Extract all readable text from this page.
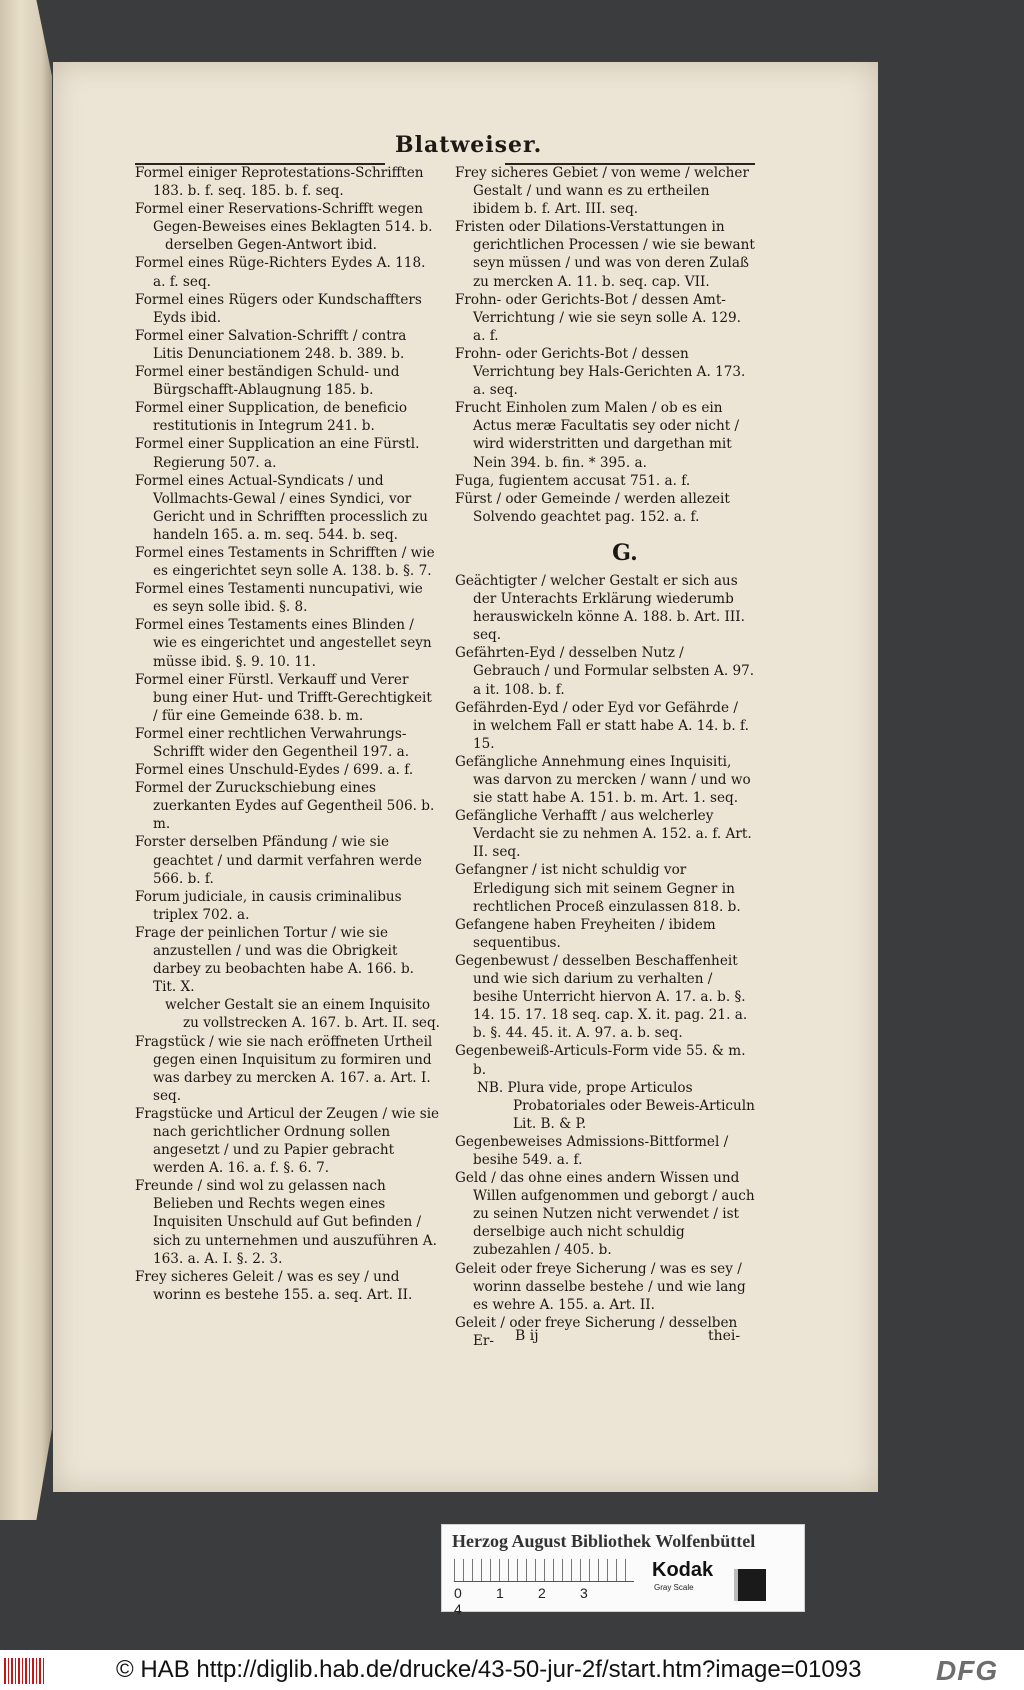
Blatweiser.

Formel einiger Reprotestations-Schrifften 183. b. f. seq. 185. b. f. seq.

Formel einer Reservations-Schrifft wegen Gegen-Beweises eines Beklagten 514. b.

derselben Gegen-Antwort ibid.

Formel eines Rüge-Richters Eydes A. 118. a. f. seq.

Formel eines Rügers oder Kundschaffters Eyds ibid.

Formel einer Salvation-Schrifft / contra Litis Denunciationem 248. b. 389. b.

Formel einer beständigen Schuld- und Bürgschafft-Ablaugnung 185. b.

Formel einer Supplication, de beneficio restitutionis in Integrum 241. b.

Formel einer Supplication an eine Fürstl. Regierung 507. a.

Formel eines Actual-Syndicats / und Vollmachts-Gewal / eines Syndici, vor Gericht und in Schrifften processlich zu handeln 165. a. m. seq. 544. b. seq.

Formel eines Testaments in Schrifften / wie es eingerichtet seyn solle A. 138. b. §. 7.

Formel eines Testamenti nuncupativi, wie es seyn solle ibid. §. 8.

Formel eines Testaments eines Blinden / wie es eingerichtet und angestellet seyn müsse ibid. §. 9. 10. 11.

Formel einer Fürstl. Verkauff und Verer bung einer Hut- und Trifft-Gerechtigkeit / für eine Gemeinde 638. b. m.

Formel einer rechtlichen Verwahrungs-Schrifft wider den Gegentheil 197. a.

Formel eines Unschuld-Eydes / 699. a. f.

Formel der Zuruckschiebung eines zuerkanten Eydes auf Gegentheil 506. b. m.

Forster derselben Pfändung / wie sie geachtet / und darmit verfahren werde 566. b. f.

Forum judiciale, in causis criminalibus triplex 702. a.

Frage der peinlichen Tortur / wie sie anzustellen / und was die Obrigkeit darbey zu beobachten habe A. 166. b. Tit. X.

welcher Gestalt sie an einem Inquisito zu vollstrecken A. 167. b. Art. II. seq.

Fragstück / wie sie nach eröffneten Urtheil gegen einen Inquisitum zu formiren und was darbey zu mercken A. 167. a. Art. I. seq.

Fragstücke und Articul der Zeugen / wie sie nach gerichtlicher Ordnung sollen angesetzt / und zu Papier gebracht werden A. 16. a. f. §. 6. 7.

Freunde / sind wol zu gelassen nach Belieben und Rechts wegen eines Inquisiten Unschuld auf Gut befinden / sich zu unternehmen und auszuführen A. 163. a. A. I. §. 2. 3.

Frey sicheres Geleit / was es sey / und worinn es bestehe 155. a. seq. Art. II.

Frey sicheres Gebiet / von weme / welcher Gestalt / und wann es zu ertheilen ibidem b. f. Art. III. seq.

Fristen oder Dilations-Verstattungen in gerichtlichen Processen / wie sie bewant seyn müssen / und was von deren Zulaß zu mercken A. 11. b. seq. cap. VII.

Frohn- oder Gerichts-Bot / dessen Amt-Verrichtung / wie sie seyn solle A. 129. a. f.

Frohn- oder Gerichts-Bot / dessen Verrichtung bey Hals-Gerichten A. 173. a. seq.

Frucht Einholen zum Malen / ob es ein Actus meræ Facultatis sey oder nicht / wird widerstritten und dargethan mit Nein 394. b. fin. * 395. a.

Fuga, fugientem accusat 751. a. f.

Fürst / oder Gemeinde / werden allezeit Solvendo geachtet pag. 152. a. f.

G.

Geächtigter / welcher Gestalt er sich aus der Unterachts Erklärung wiederumb herauswickeln könne A. 188. b. Art. III. seq.

Gefährten-Eyd / desselben Nutz / Gebrauch / und Formular selbsten A. 97. a it. 108. b. f.

Gefährden-Eyd / oder Eyd vor Gefährde / in welchem Fall er statt habe A. 14. b. f. 15.

Gefängliche Annehmung eines Inquisiti, was darvon zu mercken / wann / und wo sie statt habe A. 151. b. m. Art. 1. seq.

Gefängliche Verhafft / aus welcherley Verdacht sie zu nehmen A. 152. a. f. Art. II. seq.

Gefangner / ist nicht schuldig vor Erledigung sich mit seinem Gegner in rechtlichen Proceß einzulassen 818. b.

Gefangene haben Freyheiten / ibidem sequentibus.

Gegenbewust / desselben Beschaffenheit und wie sich darium zu verhalten / besihe Unterricht hiervon A. 17. a. b. §. 14. 15. 17. 18 seq. cap. X. it. pag. 21. a. b. §. 44. 45. it. A. 97. a. b. seq.

Gegenbeweiß-Articuls-Form vide 55. & m. b.

NB. Plura vide, prope Articulos Probatoriales oder Beweis-Articuln Lit. B. & P.

Gegenbeweises Admissions-Bittformel / besihe 549. a. f.

Geld / das ohne eines andern Wissen und Willen aufgenommen und geborgt / auch zu seinen Nutzen nicht verwendet / ist derselbige auch nicht schuldig zubezahlen / 405. b.

Geleit oder freye Sicherung / was es sey / worinn dasselbe bestehe / und wie lang es wehre A. 155. a. Art. II.

Geleit / oder freye Sicherung / desselben Er-	B ij	thei-
Herzog August Bibliothek Wolfenbüttel
0 1 2 34
Kodak
Gray Scale
© HAB http://diglib.hab.de/drucke/43-50-jur-2f/start.htm?image=01093	DFG
